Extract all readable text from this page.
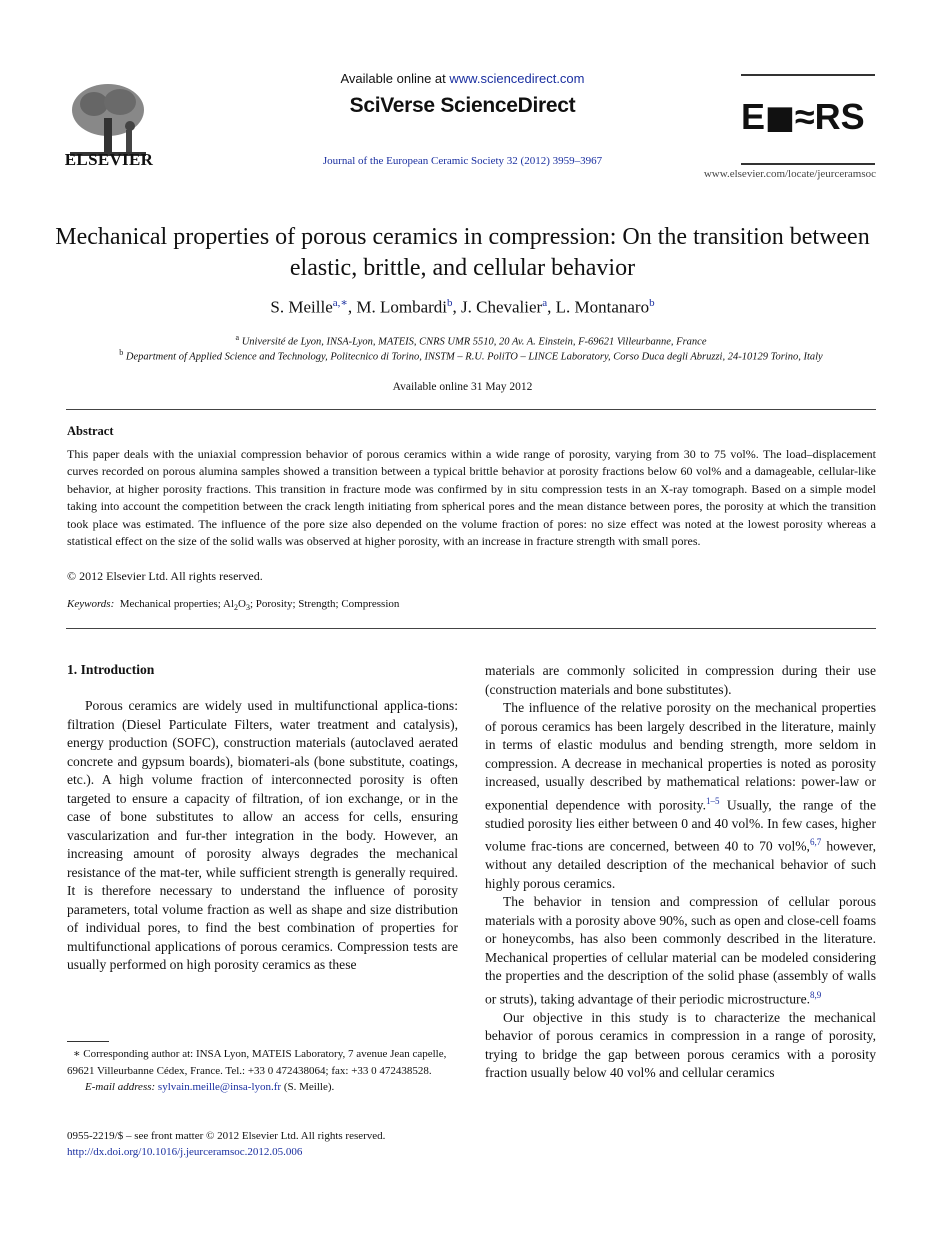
ELSEVIER
Available online at www.sciencedirect.com
SciVerse ScienceDirect
Journal of the European Ceramic Society 32 (2012) 3959–3967
E◼≈RS
www.elsevier.com/locate/jeurceramsoc
Mechanical properties of porous ceramics in compression: On the transition between elastic, brittle, and cellular behavior
S. Meille$^{a,∗}$, M. Lombardi$^b$, J. Chevalier$^a$, L. Montanaro$^b$
$^a$ Université de Lyon, INSA-Lyon, MATEIS, CNRS UMR 5510, 20 Av. A. Einstein, F-69621 Villeurbanne, France
$^b$ Department of Applied Science and Technology, Politecnico di Torino, INSTM – R.U. PoliTO – LINCE Laboratory, Corso Duca degli Abruzzi, 24-10129 Torino, Italy
Available online 31 May 2012
Abstract
This paper deals with the uniaxial compression behavior of porous ceramics within a wide range of porosity, varying from 30 to 75 vol%. The load–displacement curves recorded on porous alumina samples showed a transition between a typical brittle behavior at porosity fractions below 60 vol% and a damageable, cellular-like behavior, at higher porosity fractions. This transition in fracture mode was confirmed by in situ compression tests in an X-ray tomograph. Based on a simple model taking into account the competition between the crack length initiating from spherical pores and the mean distance between pores, the porosity at which the transition took place was estimated. The influence of the pore size also depended on the volume fraction of pores: no size effect was noted at the lowest porosity whereas a statistical effect on the size of the solid walls was observed at higher porosity, with an increase in fracture strength with small pores.
© 2012 Elsevier Ltd. All rights reserved.
Keywords: Mechanical properties; $Al_2O_3$; Porosity; Strength; Compression
1. Introduction

Porous ceramics are widely used in multifunctional applica-tions: filtration (Diesel Particulate Filters, water treatment and catalysis), energy production (SOFC), construction materials (autoclaved aerated concrete and gypsum boards), biomateri-als (bone substitute, coatings, etc.). A high volume fraction of interconnected porosity is often targeted to ensure a capacity of filtration, of ion exchange, or in the case of bone substitutes to allow an access for cells, ensuring vascularization and fur-ther integration in the body. However, an increasing amount of porosity always degrades the mechanical resistance of the mat-ter, while sufficient strength is generally required. It is therefore necessary to understand the influence of porosity parameters, total volume fraction as well as shape and size distribution of individual pores, to find the best combination of properties for multifunctional applications of porous ceramics. Compression tests are usually performed on high porosity ceramics as these

materials are commonly solicited in compression during their use (construction materials and bone substitutes).

The influence of the relative porosity on the mechanical properties of porous ceramics has been largely described in the literature, mainly in terms of elastic modulus and bending strength, more seldom in compression. A decrease in mechanical properties is noted as porosity increased, usually described by mathematical relations: power-law or exponential dependence with porosity.$^{1-5}$ Usually, the range of the studied porosity lies either between 0 and 40 vol%. In few cases, higher volume frac-tions are concerned, between 40 to 70 vol%,$^{6,7}$ however, without any detailed description of the mechanical behavior of such highly porous ceramics.

The behavior in tension and compression of cellular porous materials with a porosity above 90%, such as open and close-cell foams or honeycombs, has also been commonly described in the literature. Mechanical properties of cellular material can be modeled considering the properties and the description of the solid phase (assembly of walls or struts), taking advantage of their periodic microstructure.$^{8,9}$

Our objective in this study is to characterize the mechanical behavior of porous ceramics in compression in a range of porosity, trying to bridge the gap between porous ceramics with a porosity fraction usually below 40 vol% and cellular ceramics

∗ Corresponding author at: INSA Lyon, MATEIS Laboratory, 7 avenue Jean capelle, 69621 Villeurbanne Cédex, France. Tel.: +33 0 472438064; fax: +33 0 472438528.

E-mail address: sylvain.meille@insa-lyon.fr (S. Meille).

0955-2219/$ – see front matter © 2012 Elsevier Ltd. All rights reserved.
http://dx.doi.org/10.1016/j.jeurceramsoc.2012.05.006
